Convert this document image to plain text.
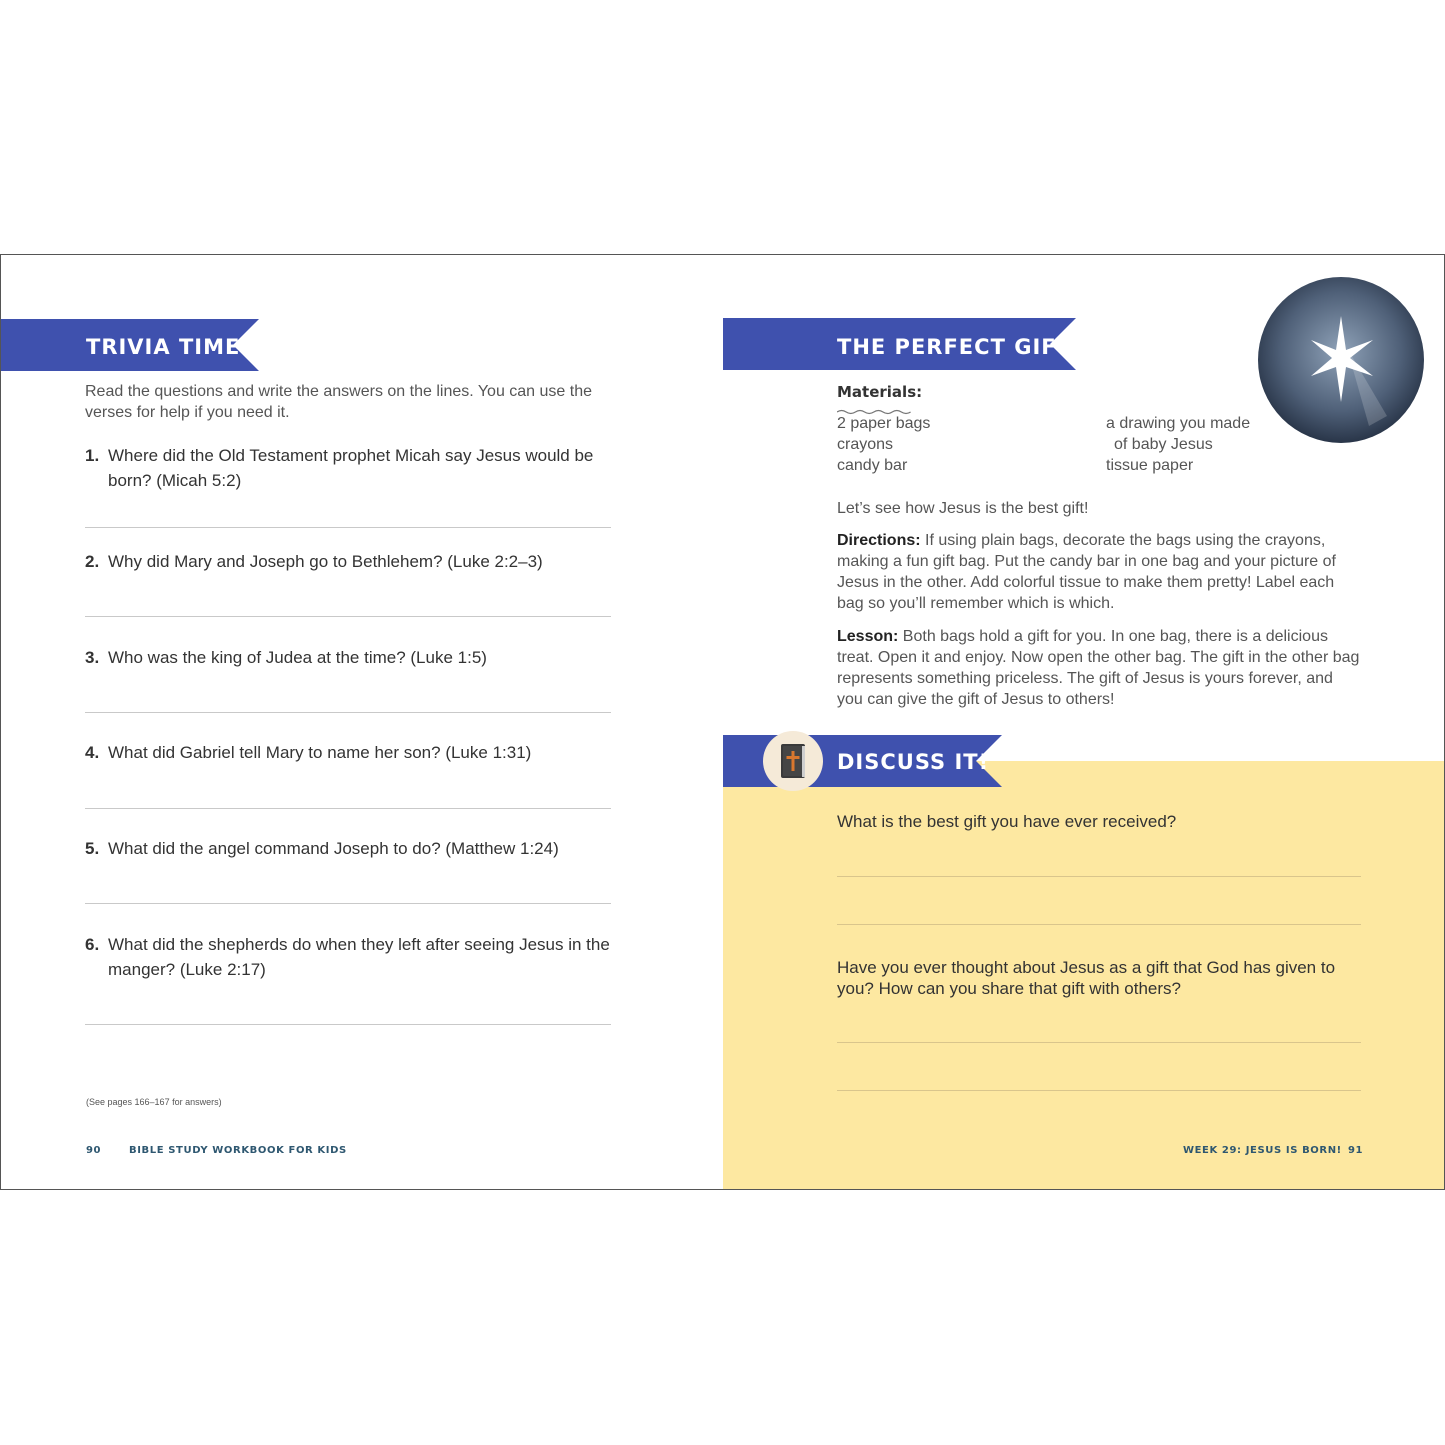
TRIVIA TIME
Read the questions and write the answers on the lines. You can use the verses for help if you need it.
1. Where did the Old Testament prophet Micah say Jesus would be born? (Micah 5:2)
2. Why did Mary and Joseph go to Bethlehem? (Luke 2:2–3)
3. Who was the king of Judea at the time? (Luke 1:5)
4. What did Gabriel tell Mary to name her son? (Luke 1:31)
5. What did the angel command Joseph to do? (Matthew 1:24)
6. What did the shepherds do when they left after seeing Jesus in the manger? (Luke 2:17)
(See pages 166–167 for answers)
90	BIBLE STUDY WORKBOOK FOR KIDS
THE PERFECT GIFT
Materials:
2 paper bags
crayons
candy bar
a drawing you made
of baby Jesus
tissue paper
Let’s see how Jesus is the best gift!
Directions: If using plain bags, decorate the bags using the crayons, making a fun gift bag. Put the candy bar in one bag and your picture of Jesus in the other. Add colorful tissue to make them pretty! Label each bag so you’ll remember which is which.
Lesson: Both bags hold a gift for you. In one bag, there is a delicious treat. Open it and enjoy. Now open the other bag. The gift in the other bag represents something priceless. The gift of Jesus is yours forever, and you can give the gift of Jesus to others!
DISCUSS IT!
What is the best gift you have ever received?
Have you ever thought about Jesus as a gift that God has given to you? How can you share that gift with others?
WEEK 29: JESUS IS BORN! 91
